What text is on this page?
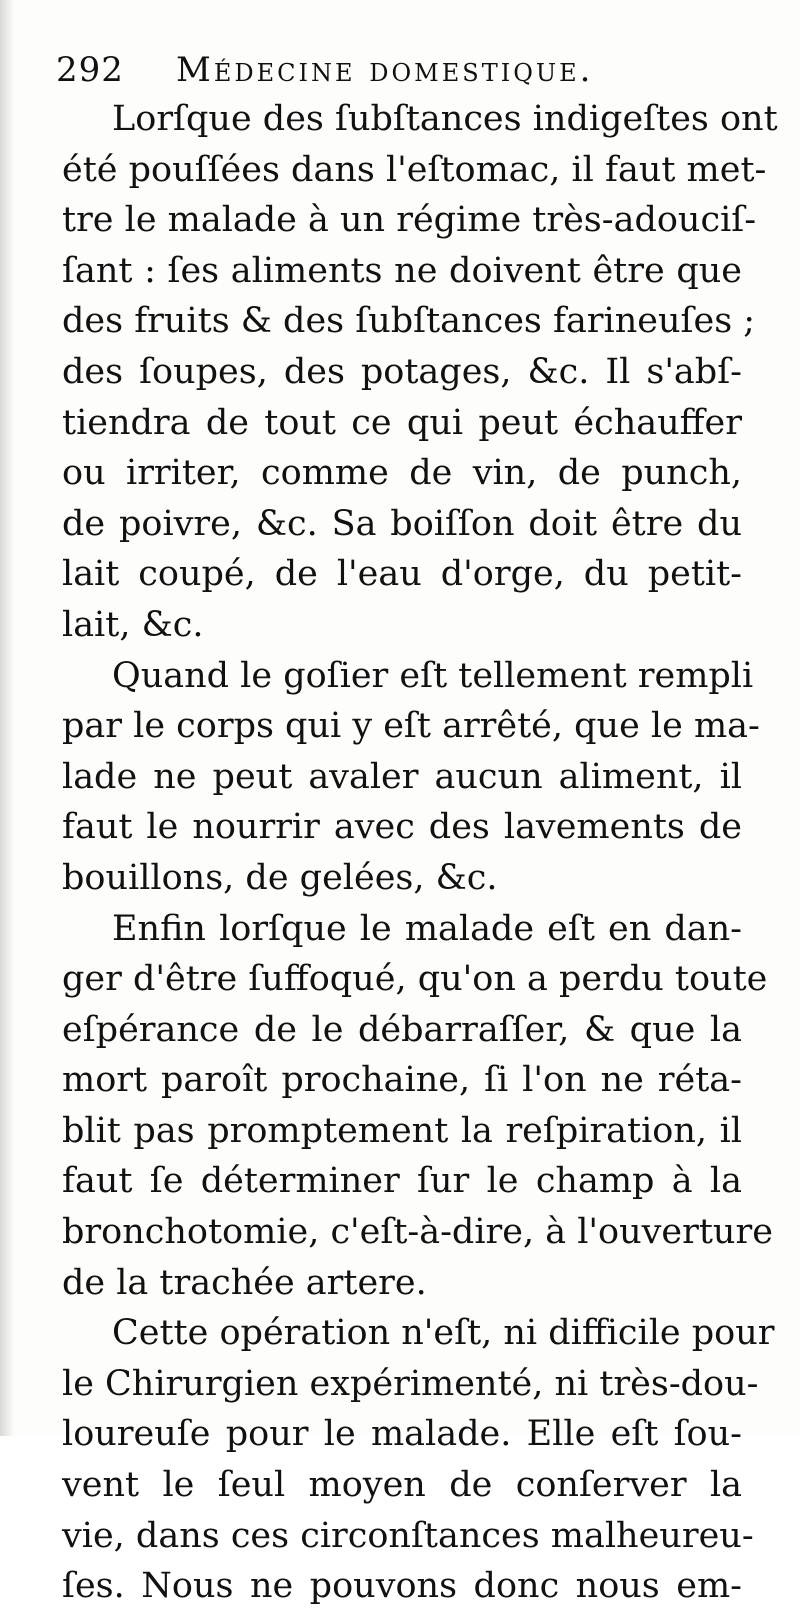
292 Médecine domestique.
Lorſque des ſubſtances indigeſtes ont
été pouſſées dans l'eſtomac, il faut met-
tre le malade à un régime très-adouciſ-
ſant : ſes aliments ne doivent être que
des fruits & des ſubſtances farineuſes ;
des ſoupes, des potages, &c. Il s'abſ-
tiendra de tout ce qui peut échauffer
ou irriter, comme de vin, de punch,
de poivre, &c. Sa boiſſon doit être du
lait coupé, de l'eau d'orge, du petit-
lait, &c.
Quand le goſier eſt tellement rempli
par le corps qui y eſt arrêté, que le ma-
lade ne peut avaler aucun aliment, il
faut le nourrir avec des lavements de
bouillons, de gelées, &c.
Enfin lorſque le malade eſt en dan-
ger d'être ſuffoqué, qu'on a perdu toute
eſpérance de le débarraſſer, & que la
mort paroît prochaine, ſi l'on ne réta-
blit pas promptement la reſpiration, il
faut ſe déterminer ſur le champ à la
bronchotomie, c'eſt-à-dire, à l'ouverture
de la trachée artere.
Cette opération n'eſt, ni difficile pour
le Chirurgien expérimenté, ni très-dou-
loureuſe pour le malade. Elle eſt ſou-
vent le ſeul moyen de conſerver la
vie, dans ces circonſtances malheureu-
ſes. Nous ne pouvons donc nous em-
